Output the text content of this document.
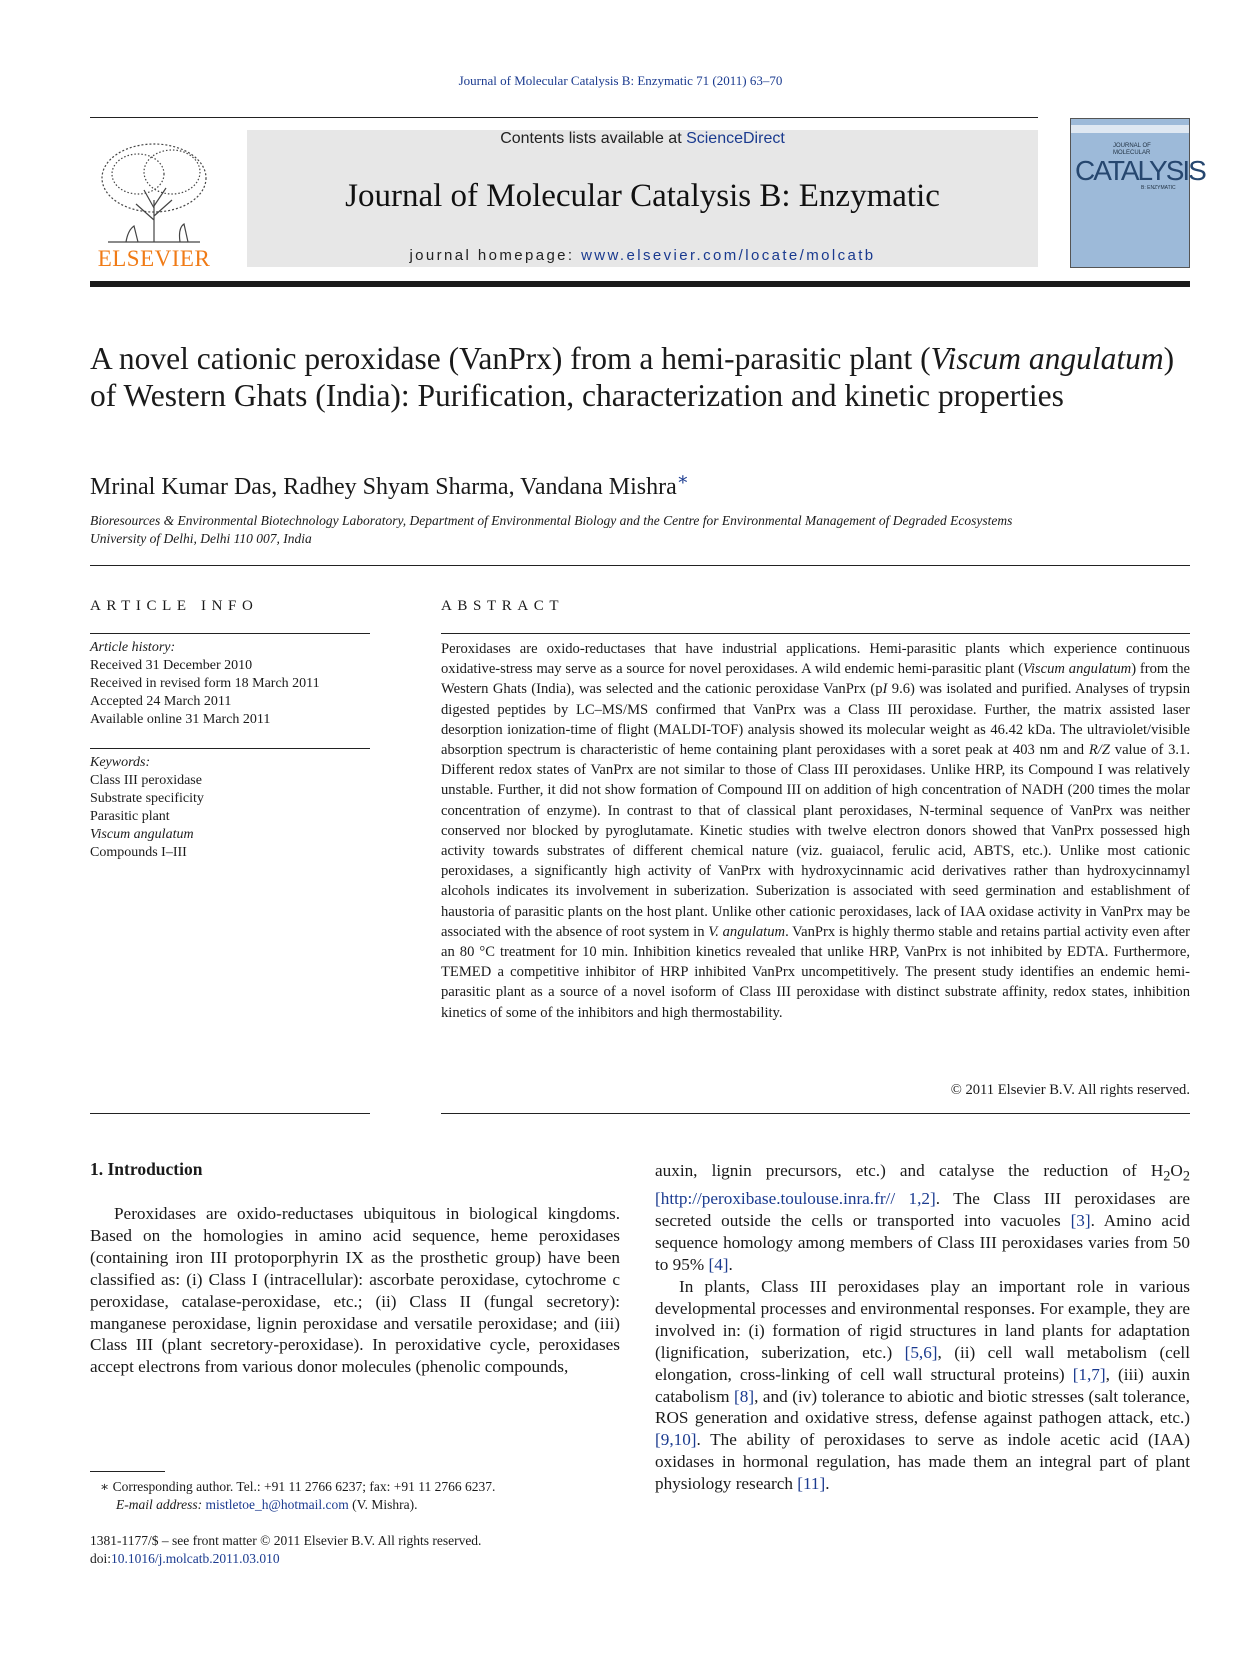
Journal of Molecular Catalysis B: Enzymatic 71 (2011) 63–70
ELSEVIER
Contents lists available at ScienceDirect
Journal of Molecular Catalysis B: Enzymatic
journal homepage: www.elsevier.com/locate/molcatb
JOURNAL OF MOLECULAR
CATALYSIS
B: ENZYMATIC
A novel cationic peroxidase (VanPrx) from a hemi-parasitic plant (Viscum angulatum) of Western Ghats (India): Purification, characterization and kinetic properties
Mrinal Kumar Das, Radhey Shyam Sharma, Vandana Mishra∗
Bioresources & Environmental Biotechnology Laboratory, Department of Environmental Biology and the Centre for Environmental Management of Degraded Ecosystems
University of Delhi, Delhi 110 007, India
ARTICLE INFO
Article history:
Received 31 December 2010
Received in revised form 18 March 2011
Accepted 24 March 2011
Available online 31 March 2011
Keywords:
Class III peroxidase
Substrate specificity
Parasitic plant
Viscum angulatum
Compounds I–III
ABSTRACT
Peroxidases are oxido-reductases that have industrial applications. Hemi-parasitic plants which experience continuous oxidative-stress may serve as a source for novel peroxidases. A wild endemic hemi-parasitic plant (Viscum angulatum) from the Western Ghats (India), was selected and the cationic peroxidase VanPrx (pI 9.6) was isolated and purified. Analyses of trypsin digested peptides by LC–MS/MS confirmed that VanPrx was a Class III peroxidase. Further, the matrix assisted laser desorption ionization-time of flight (MALDI-TOF) analysis showed its molecular weight as 46.42 kDa. The ultraviolet/visible absorption spectrum is characteristic of heme containing plant peroxidases with a soret peak at 403 nm and R/Z value of 3.1. Different redox states of VanPrx are not similar to those of Class III peroxidases. Unlike HRP, its Compound I was relatively unstable. Further, it did not show formation of Compound III on addition of high concentration of NADH (200 times the molar concentration of enzyme). In contrast to that of classical plant peroxidases, N-terminal sequence of VanPrx was neither conserved nor blocked by pyroglutamate. Kinetic studies with twelve electron donors showed that VanPrx possessed high activity towards substrates of different chemical nature (viz. guaiacol, ferulic acid, ABTS, etc.). Unlike most cationic peroxidases, a significantly high activity of VanPrx with hydroxycinnamic acid derivatives rather than hydroxycinnamyl alcohols indicates its involvement in suberization. Suberization is associated with seed germination and establishment of haustoria of parasitic plants on the host plant. Unlike other cationic peroxidases, lack of IAA oxidase activity in VanPrx may be associated with the absence of root system in V. angulatum. VanPrx is highly thermo stable and retains partial activity even after an 80 °C treatment for 10 min. Inhibition kinetics revealed that unlike HRP, VanPrx is not inhibited by EDTA. Furthermore, TEMED a competitive inhibitor of HRP inhibited VanPrx uncompetitively. The present study identifies an endemic hemi-parasitic plant as a source of a novel isoform of Class III peroxidase with distinct substrate affinity, redox states, inhibition kinetics of some of the inhibitors and high thermostability.
© 2011 Elsevier B.V. All rights reserved.
1. Introduction
Peroxidases are oxido-reductases ubiquitous in biological kingdoms. Based on the homologies in amino acid sequence, heme peroxidases (containing iron III protoporphyrin IX as the prosthetic group) have been classified as: (i) Class I (intracellular): ascorbate peroxidase, cytochrome c peroxidase, catalase-peroxidase, etc.; (ii) Class II (fungal secretory): manganese peroxidase, lignin peroxidase and versatile peroxidase; and (iii) Class III (plant secretory-peroxidase). In peroxidative cycle, peroxidases accept electrons from various donor molecules (phenolic compounds,
auxin, lignin precursors, etc.) and catalyse the reduction of $H_2O_2$ [http://peroxibase.toulouse.inra.fr// 1,2]. The Class III peroxidases are secreted outside the cells or transported into vacuoles [3]. Amino acid sequence homology among members of Class III peroxidases varies from 50 to 95% [4].
In plants, Class III peroxidases play an important role in various developmental processes and environmental responses. For example, they are involved in: (i) formation of rigid structures in land plants for adaptation (lignification, suberization, etc.) [5,6], (ii) cell wall metabolism (cell elongation, cross-linking of cell wall structural proteins) [1,7], (iii) auxin catabolism [8], and (iv) tolerance to abiotic and biotic stresses (salt tolerance, ROS generation and oxidative stress, defense against pathogen attack, etc.) [9,10]. The ability of peroxidases to serve as indole acetic acid (IAA) oxidases in hormonal regulation, has made them an integral part of plant physiology research [11].
∗ Corresponding author. Tel.: +91 11 2766 6237; fax: +91 11 2766 6237.
E-mail address: mistletoe_h@hotmail.com (V. Mishra).
1381-1177/$ – see front matter © 2011 Elsevier B.V. All rights reserved.
doi:10.1016/j.molcatb.2011.03.010
